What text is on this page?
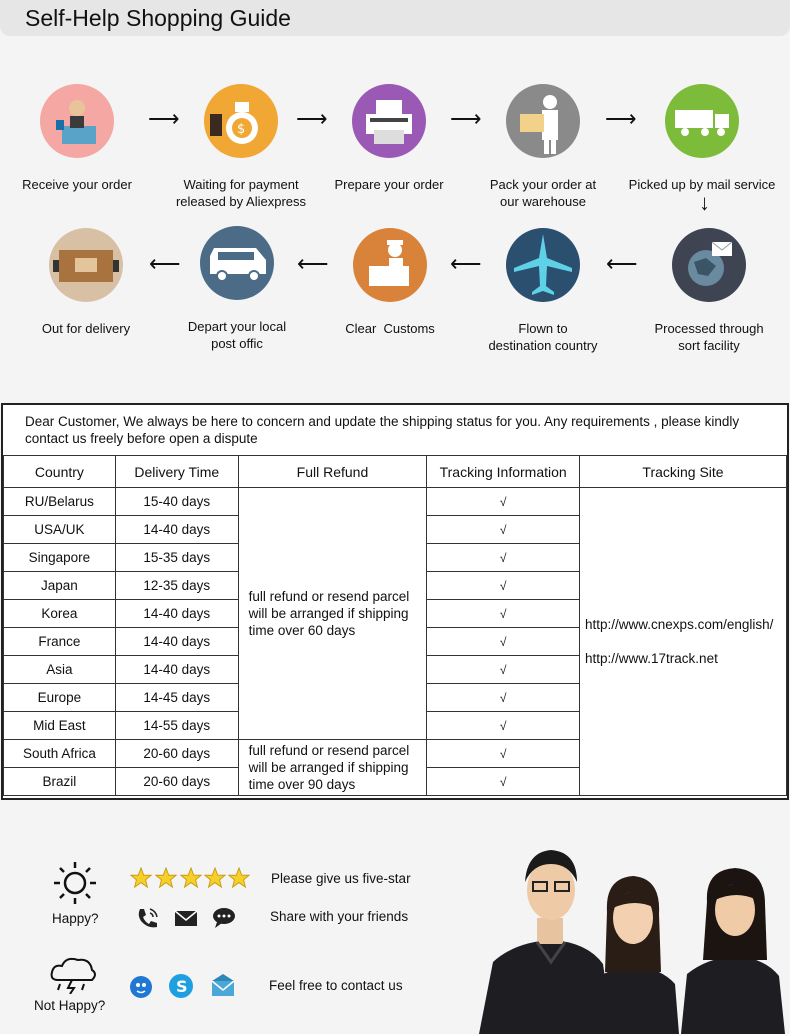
Self-Help Shopping Guide
Receive your order
⟶	$
Waiting for payment
released by Aliexpress
⟶
Prepare your order
⟶
Pack your order at
our warehouse
⟶
Picked up by mail service
↓
Processed through
sort facility
⟵
Flown to
destination country
⟵
Clear  Customs
⟵
Depart your local
post offic
⟵
Out for delivery
Dear Customer, We always be here to concern and update the shipping status for you. Any requirements , please kindly contact us freely before open a dispute
Country	Delivery Time	Full Refund	Tracking Information	Tracking Site
RU/Belarus	15-40 days	full refund or resend parcel will be arranged if shipping time over 60 days	√	http://www.cnexps.com/english/
http://www.17track.net

USA/UK	14-40 days		√	
Singapore	15-35 days		√	
Japan	12-35 days		√	
Korea	14-40 days		√	
France	14-40 days		√	
Asia	14-40 days		√	
Europe	14-45 days		√	
Mid East	14-55 days		√	
South Africa	20-60 days	full refund or resend parcel will be arranged if shipping time over 90 days	√	
Brazil	20-60 days		√	
Happy?
Not Happy?
Please give us five-star
Share with your friends
S	Feel free to contact us
